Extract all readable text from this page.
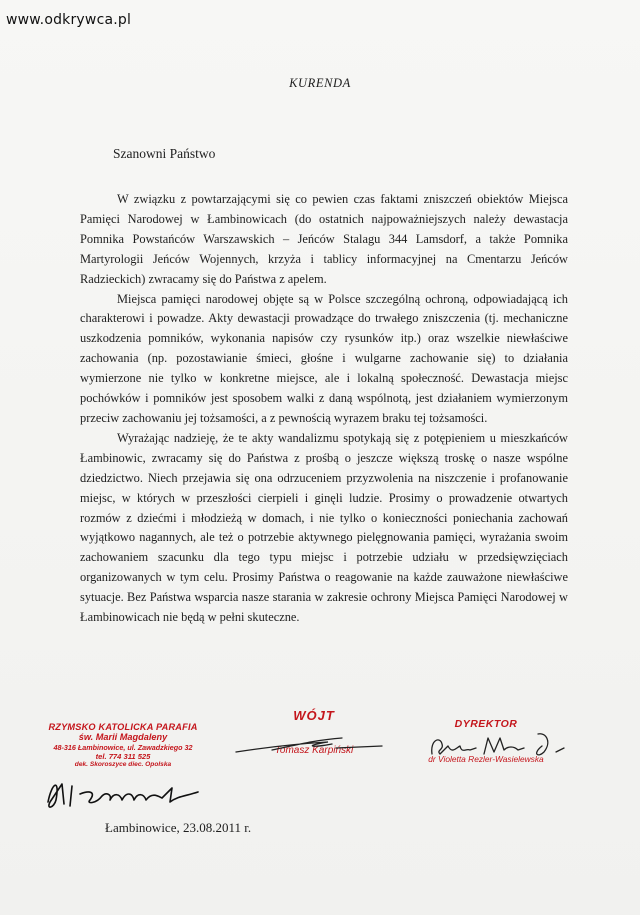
www.odkrywca.pl
KURENDA
Szanowni Państwo

W związku z powtarzającymi się co pewien czas faktami zniszczeń obiektów Miejsca Pamięci Narodowej w Łambinowicach (do ostatnich najpoważniejszych należy dewastacja Pomnika Powstańców Warszawskich – Jeńców Stalagu 344 Lamsdorf, a także Pomnika Martyrologii Jeńców Wojennych, krzyża i tablicy informacyjnej na Cmentarzu Jeńców Radzieckich) zwracamy się do Państwa z apelem.

Miejsca pamięci narodowej objęte są w Polsce szczególną ochroną, odpowiadającą ich charakterowi i powadze. Akty dewastacji prowadzące do trwałego zniszczenia (tj. mechaniczne uszkodzenia pomników, wykonania napisów czy rysunków itp.) oraz wszelkie niewłaściwe zachowania (np. pozostawianie śmieci, głośne i wulgarne zachowanie się) to działania wymierzone nie tylko w konkretne miejsce, ale i lokalną społeczność. Dewastacja miejsc pochówków i pomników jest sposobem walki z daną wspólnotą, jest działaniem wymierzonym przeciw zachowaniu jej tożsamości, a z pewnością wyrazem braku tej tożsamości.

Wyrażając nadzieję, że te akty wandalizmu spotykają się z potępieniem u mieszkańców Łambinowic, zwracamy się do Państwa z prośbą o jeszcze większą troskę o nasze wspólne dziedzictwo. Niech przejawia się ona odrzuceniem przyzwolenia na niszczenie i profanowanie miejsc, w których w przeszłości cierpieli i ginęli ludzie. Prosimy o prowadzenie otwartych rozmów z dziećmi i młodzieżą w domach, i nie tylko o konieczności poniechania zachowań wyjątkowo nagannych, ale też o potrzebie aktywnego pielęgnowania pamięci, wyrażania swoim zachowaniem szacunku dla tego typu miejsc i potrzebie udziału w przedsięwzięciach organizowanych w tym celu. Prosimy Państwa o reagowanie na każde zauważone niewłaściwe sytuacje. Bez Państwa wsparcia nasze starania w zakresie ochrony Miejsca Pamięci Narodowej w Łambinowicach nie będą w pełni skuteczne.

RZYMSKO KATOLICKA PARAFIA
św. Marii Magdaleny
48-316 Łambinowice, ul. Zawadzkiego 32
tel. 774 311 525
dek. Skoroszyce diec. Opolska
WÓJT
Tomasz Karpiński
DYREKTOR
dr Violetta Rezler-Wasielewska
Łambinowice, 23.08.2011 r.
